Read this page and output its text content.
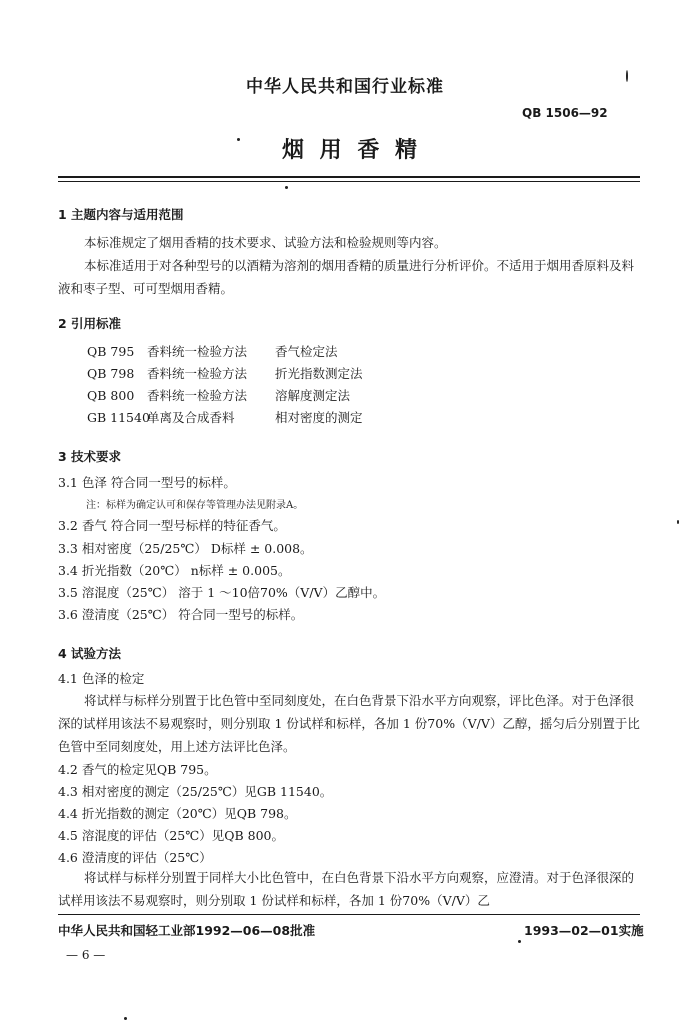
中华人民共和国行业标准
QB 1506—92
烟 用 香 精
1 主题内容与适用范围
本标准规定了烟用香精的技术要求、试验方法和检验规则等内容。
本标准适用于对各种型号的以酒精为溶剂的烟用香精的质量进行分析评价。不适用于烟用香原料及料液和枣子型、可可型烟用香精。
2 引用标准
QB 795 香料统一检验方法 香气检定法
QB 798 香料统一检验方法 折光指数测定法
QB 800 香料统一检验方法 溶解度测定法
GB 11540单离及合成香料	相对密度的测定
3 技术要求
3.1 色泽 符合同一型号的标样。
注：标样为确定认可和保存等管理办法见附录A。
3.2 香气 符合同一型号标样的特征香气。
3.3 相对密度（25/25℃） D标样 ± 0.008。
3.4 折光指数（20℃） n标样 ± 0.005。
3.5 溶混度（25℃） 溶于 1 ～10倍70%（V/V）乙醇中。
3.6 澄清度（25℃） 符合同一型号的标样。
4 试验方法
4.1 色泽的检定
将试样与标样分别置于比色管中至同刻度处，在白色背景下沿水平方向观察，评比色泽。对于色泽很深的试样用该法不易观察时，则分别取 1 份试样和标样，各加 1 份70%（V/V）乙醇，摇匀后分别置于比色管中至同刻度处，用上述方法评比色泽。
4.2 香气的检定见QB 795。
4.3 相对密度的测定（25/25℃）见GB 11540。
4.4 折光指数的测定（20℃）见QB 798。
4.5 溶混度的评估（25℃）见QB 800。
4.6 澄清度的评估（25℃）
将试样与标样分别置于同样大小比色管中，在白色背景下沿水平方向观察，应澄清。对于色泽很深的试样用该法不易观察时，则分别取 1 份试样和标样，各加 1 份70%（V/V）乙
中华人民共和国轻工业部1992—06—08批准	1993—02—01实施
— 6 —
